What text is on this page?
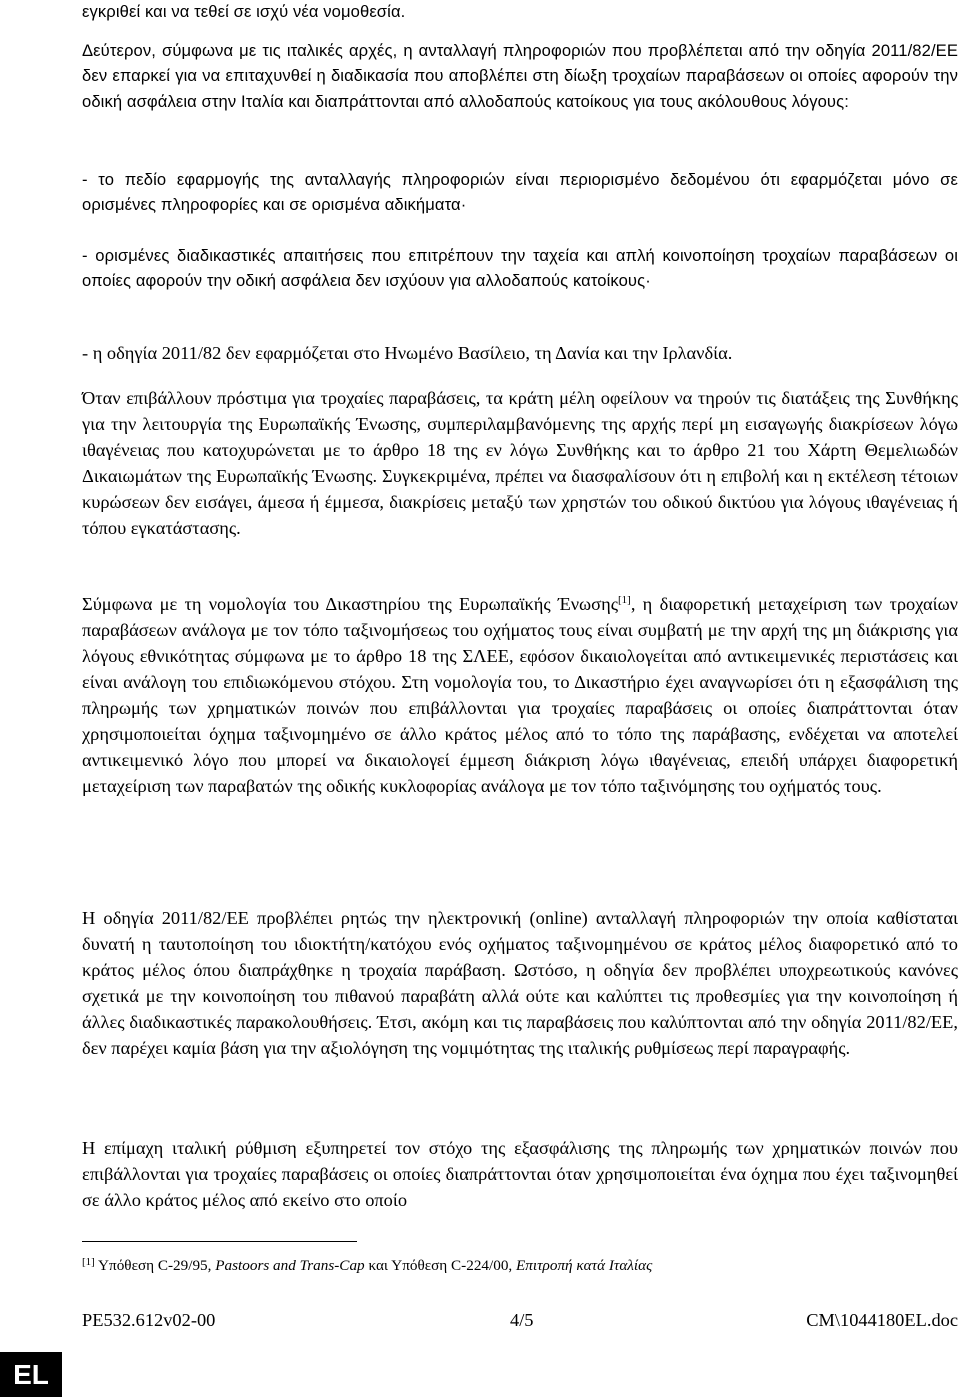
εγκριθεί και να τεθεί σε ισχύ νέα νομοθεσία.

Δεύτερον, σύμφωνα με τις ιταλικές αρχές, η ανταλλαγή πληροφοριών που προβλέπεται από την οδηγία 2011/82/ΕΕ δεν επαρκεί για να επιταχυνθεί η διαδικασία που αποβλέπει στη δίωξη τροχαίων παραβάσεων οι οποίες αφορούν την οδική ασφάλεια στην Ιταλία και διαπράττονται από αλλοδαπούς κατοίκους για τους ακόλουθους λόγους:

- το πεδίο εφαρμογής της ανταλλαγής πληροφοριών είναι περιορισμένο δεδομένου ότι εφαρμόζεται μόνο σε ορισμένες πληροφορίες και σε ορισμένα αδικήματα·

- ορισμένες διαδικαστικές απαιτήσεις που επιτρέπουν την ταχεία και απλή κοινοποίηση τροχαίων παραβάσεων οι οποίες αφορούν την οδική ασφάλεια δεν ισχύουν για αλλοδαπούς κατοίκους·

- η οδηγία 2011/82 δεν εφαρμόζεται στο Ηνωμένο Βασίλειο, τη Δανία και την Ιρλανδία.

Όταν επιβάλλουν πρόστιμα για τροχαίες παραβάσεις, τα κράτη μέλη οφείλουν να τηρούν τις διατάξεις της Συνθήκης για την λειτουργία της Ευρωπαϊκής Ένωσης, συμπεριλαμβανόμενης της αρχής περί μη εισαγωγής διακρίσεων λόγω ιθαγένειας που κατοχυρώνεται με το άρθρο 18 της εν λόγω Συνθήκης και το άρθρο 21 του Χάρτη Θεμελιωδών Δικαιωμάτων της Ευρωπαϊκής Ένωσης. Συγκεκριμένα, πρέπει να διασφαλίσουν ότι η επιβολή και η εκτέλεση τέτοιων κυρώσεων δεν εισάγει, άμεσα ή έμμεσα, διακρίσεις μεταξύ των χρηστών του οδικού δικτύου για λόγους ιθαγένειας ή τόπου εγκατάστασης.

Σύμφωνα με τη νομολογία του Δικαστηρίου της Ευρωπαϊκής Ένωσης[1], η διαφορετική μεταχείριση των τροχαίων παραβάσεων ανάλογα με τον τόπο ταξινομήσεως του οχήματος τους είναι συμβατή με την αρχή της μη διάκρισης για λόγους εθνικότητας σύμφωνα με το άρθρο 18 της ΣΛΕΕ, εφόσον δικαιολογείται από αντικειμενικές περιστάσεις και είναι ανάλογη του επιδιωκόμενου στόχου. Στη νομολογία του, το Δικαστήριο έχει αναγνωρίσει ότι η εξασφάλιση της πληρωμής των χρηματικών ποινών που επιβάλλονται για τροχαίες παραβάσεις οι οποίες διαπράττονται όταν χρησιμοποιείται όχημα ταξινομημένο σε άλλο κράτος μέλος από το τόπο της παράβασης, ενδέχεται να αποτελεί αντικειμενικό λόγο που μπορεί να δικαιολογεί έμμεση διάκριση λόγω ιθαγένειας, επειδή υπάρχει διαφορετική μεταχείριση των παραβατών της οδικής κυκλοφορίας ανάλογα με τον τόπο ταξινόμησης του οχήματός τους.

Η οδηγία 2011/82/ΕΕ προβλέπει ρητώς την ηλεκτρονική (online) ανταλλαγή πληροφοριών την οποία καθίσταται δυνατή η ταυτοποίηση του ιδιοκτήτη/κατόχου ενός οχήματος ταξινομημένου σε κράτος μέλος διαφορετικό από το κράτος μέλος όπου διαπράχθηκε η τροχαία παράβαση. Ωστόσο, η οδηγία δεν προβλέπει υποχρεωτικούς κανόνες σχετικά με την κοινοποίηση του πιθανού παραβάτη αλλά ούτε και καλύπτει τις προθεσμίες για την κοινοποίηση ή άλλες διαδικαστικές παρακολουθήσεις. Έτσι, ακόμη και τις παραβάσεις που καλύπτονται από την οδηγία 2011/82/ΕΕ, δεν παρέχει καμία βάση για την αξιολόγηση της νομιμότητας της ιταλικής ρυθμίσεως περί παραγραφής.

Η επίμαχη ιταλική ρύθμιση εξυπηρετεί τον στόχο της εξασφάλισης της πληρωμής των χρηματικών ποινών που επιβάλλονται για τροχαίες παραβάσεις οι οποίες διαπράττονται όταν χρησιμοποιείται ένα όχημα που έχει ταξινομηθεί σε άλλο κράτος μέλος από εκείνο στο οποίο

[1] Υπόθεση C-29/95, Pastoors and Trans-Cap και Υπόθεση C-224/00, Επιτροπή κατά Ιταλίας
PE532.612v02-00	4/5	CM\1044180EL.doc
EL
